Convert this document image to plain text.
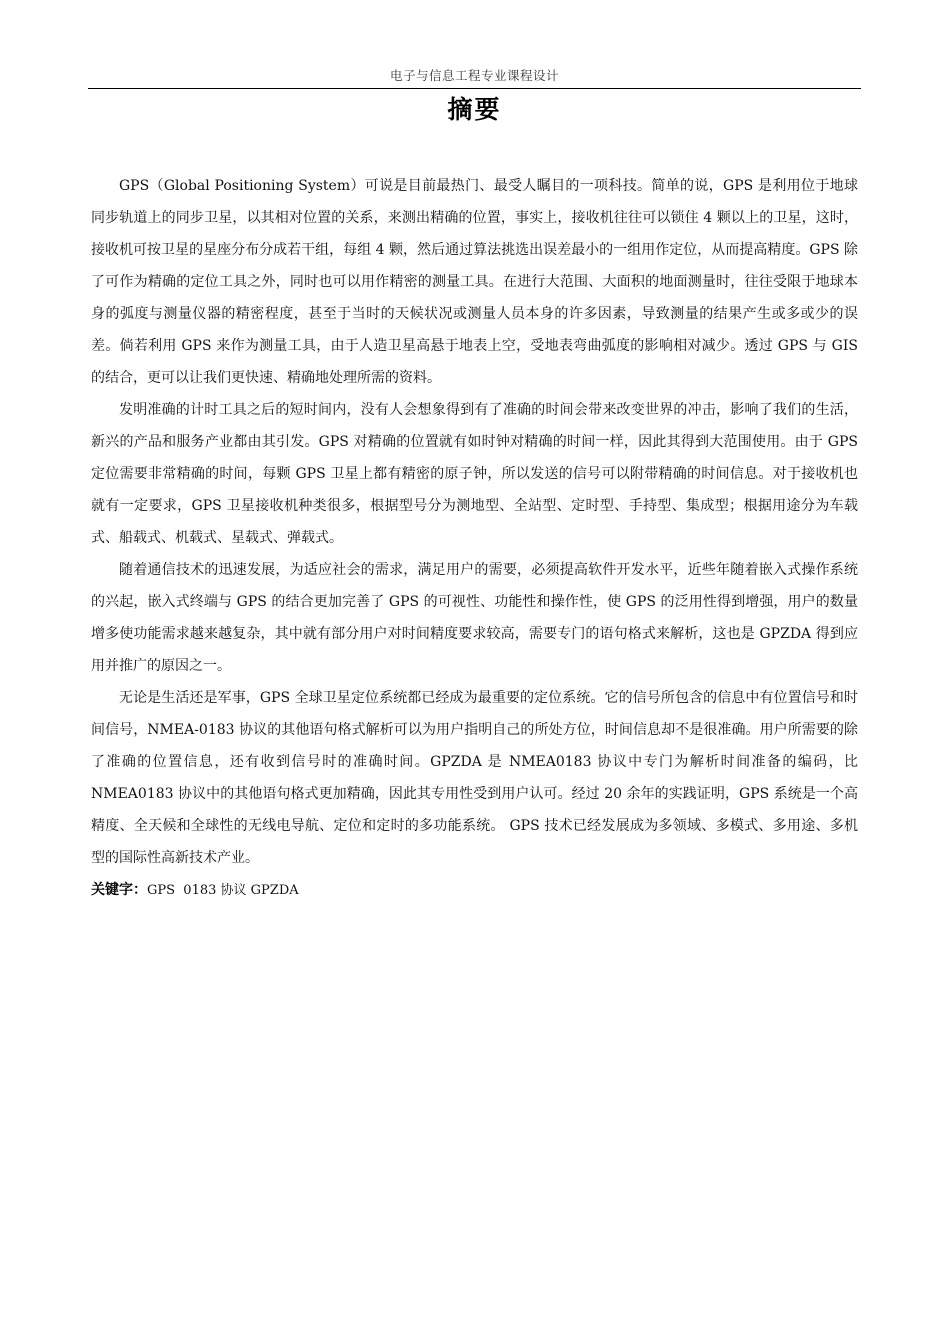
电子与信息工程专业课程设计
摘要

GPS（Global Positioning System）可说是目前最热门、最受人瞩目的一项科技。简单的说，GPS 是利用位于地球同步轨道上的同步卫星，以其相对位置的关系，来测出精确的位置，事实上，接收机往往可以锁住 4 颗以上的卫星，这时，接收机可按卫星的星座分布分成若干组，每组 4 颗，然后通过算法挑选出误差最小的一组用作定位，从而提高精度。GPS 除了可作为精确的定位工具之外，同时也可以用作精密的测量工具。在进行大范围、大面积的地面测量时，往往受限于地球本身的弧度与测量仪器的精密程度，甚至于当时的天候状况或测量人员本身的许多因素，导致测量的结果产生或多或少的误差。倘若利用 GPS 来作为测量工具，由于人造卫星高悬于地表上空，受地表弯曲弧度的影响相对减少。透过 GPS 与 GIS 的结合，更可以让我们更快速、精确地处理所需的资料。

发明准确的计时工具之后的短时间内，没有人会想象得到有了准确的时间会带来改变世界的冲击，影响了我们的生活，新兴的产品和服务产业都由其引发。GPS 对精确的位置就有如时钟对精确的时间一样，因此其得到大范围使用。由于 GPS 定位需要非常精确的时间，每颗 GPS 卫星上都有精密的原子钟，所以发送的信号可以附带精确的时间信息。对于接收机也就有一定要求，GPS 卫星接收机种类很多，根据型号分为测地型、全站型、定时型、手持型、集成型；根据用途分为车载式、船载式、机载式、星载式、弹载式。

随着通信技术的迅速发展，为适应社会的需求，满足用户的需要，必须提高软件开发水平，近些年随着嵌入式操作系统的兴起，嵌入式终端与 GPS 的结合更加完善了 GPS 的可视性、功能性和操作性，使 GPS 的泛用性得到增强，用户的数量增多使功能需求越来越复杂，其中就有部分用户对时间精度要求较高，需要专门的语句格式来解析，这也是 GPZDA 得到应用并推广的原因之一。

无论是生活还是军事，GPS 全球卫星定位系统都已经成为最重要的定位系统。它的信号所包含的信息中有位置信号和时间信号，NMEA-0183 协议的其他语句格式解析可以为用户指明自己的所处方位，时间信息却不是很准确。用户所需要的除了准确的位置信息，还有收到信号时的准确时间。GPZDA 是 NMEA0183 协议中专门为解析时间准备的编码，比 NMEA0183 协议中的其他语句格式更加精确，因此其专用性受到用户认可。经过 20 余年的实践证明，GPS 系统是一个高精度、全天候和全球性的无线电导航、定位和定时的多功能系统。 GPS 技术已经发展成为多领域、多模式、多用途、多机型的国际性高新技术产业。

关键字：GPS  0183 协议 GPZDA
